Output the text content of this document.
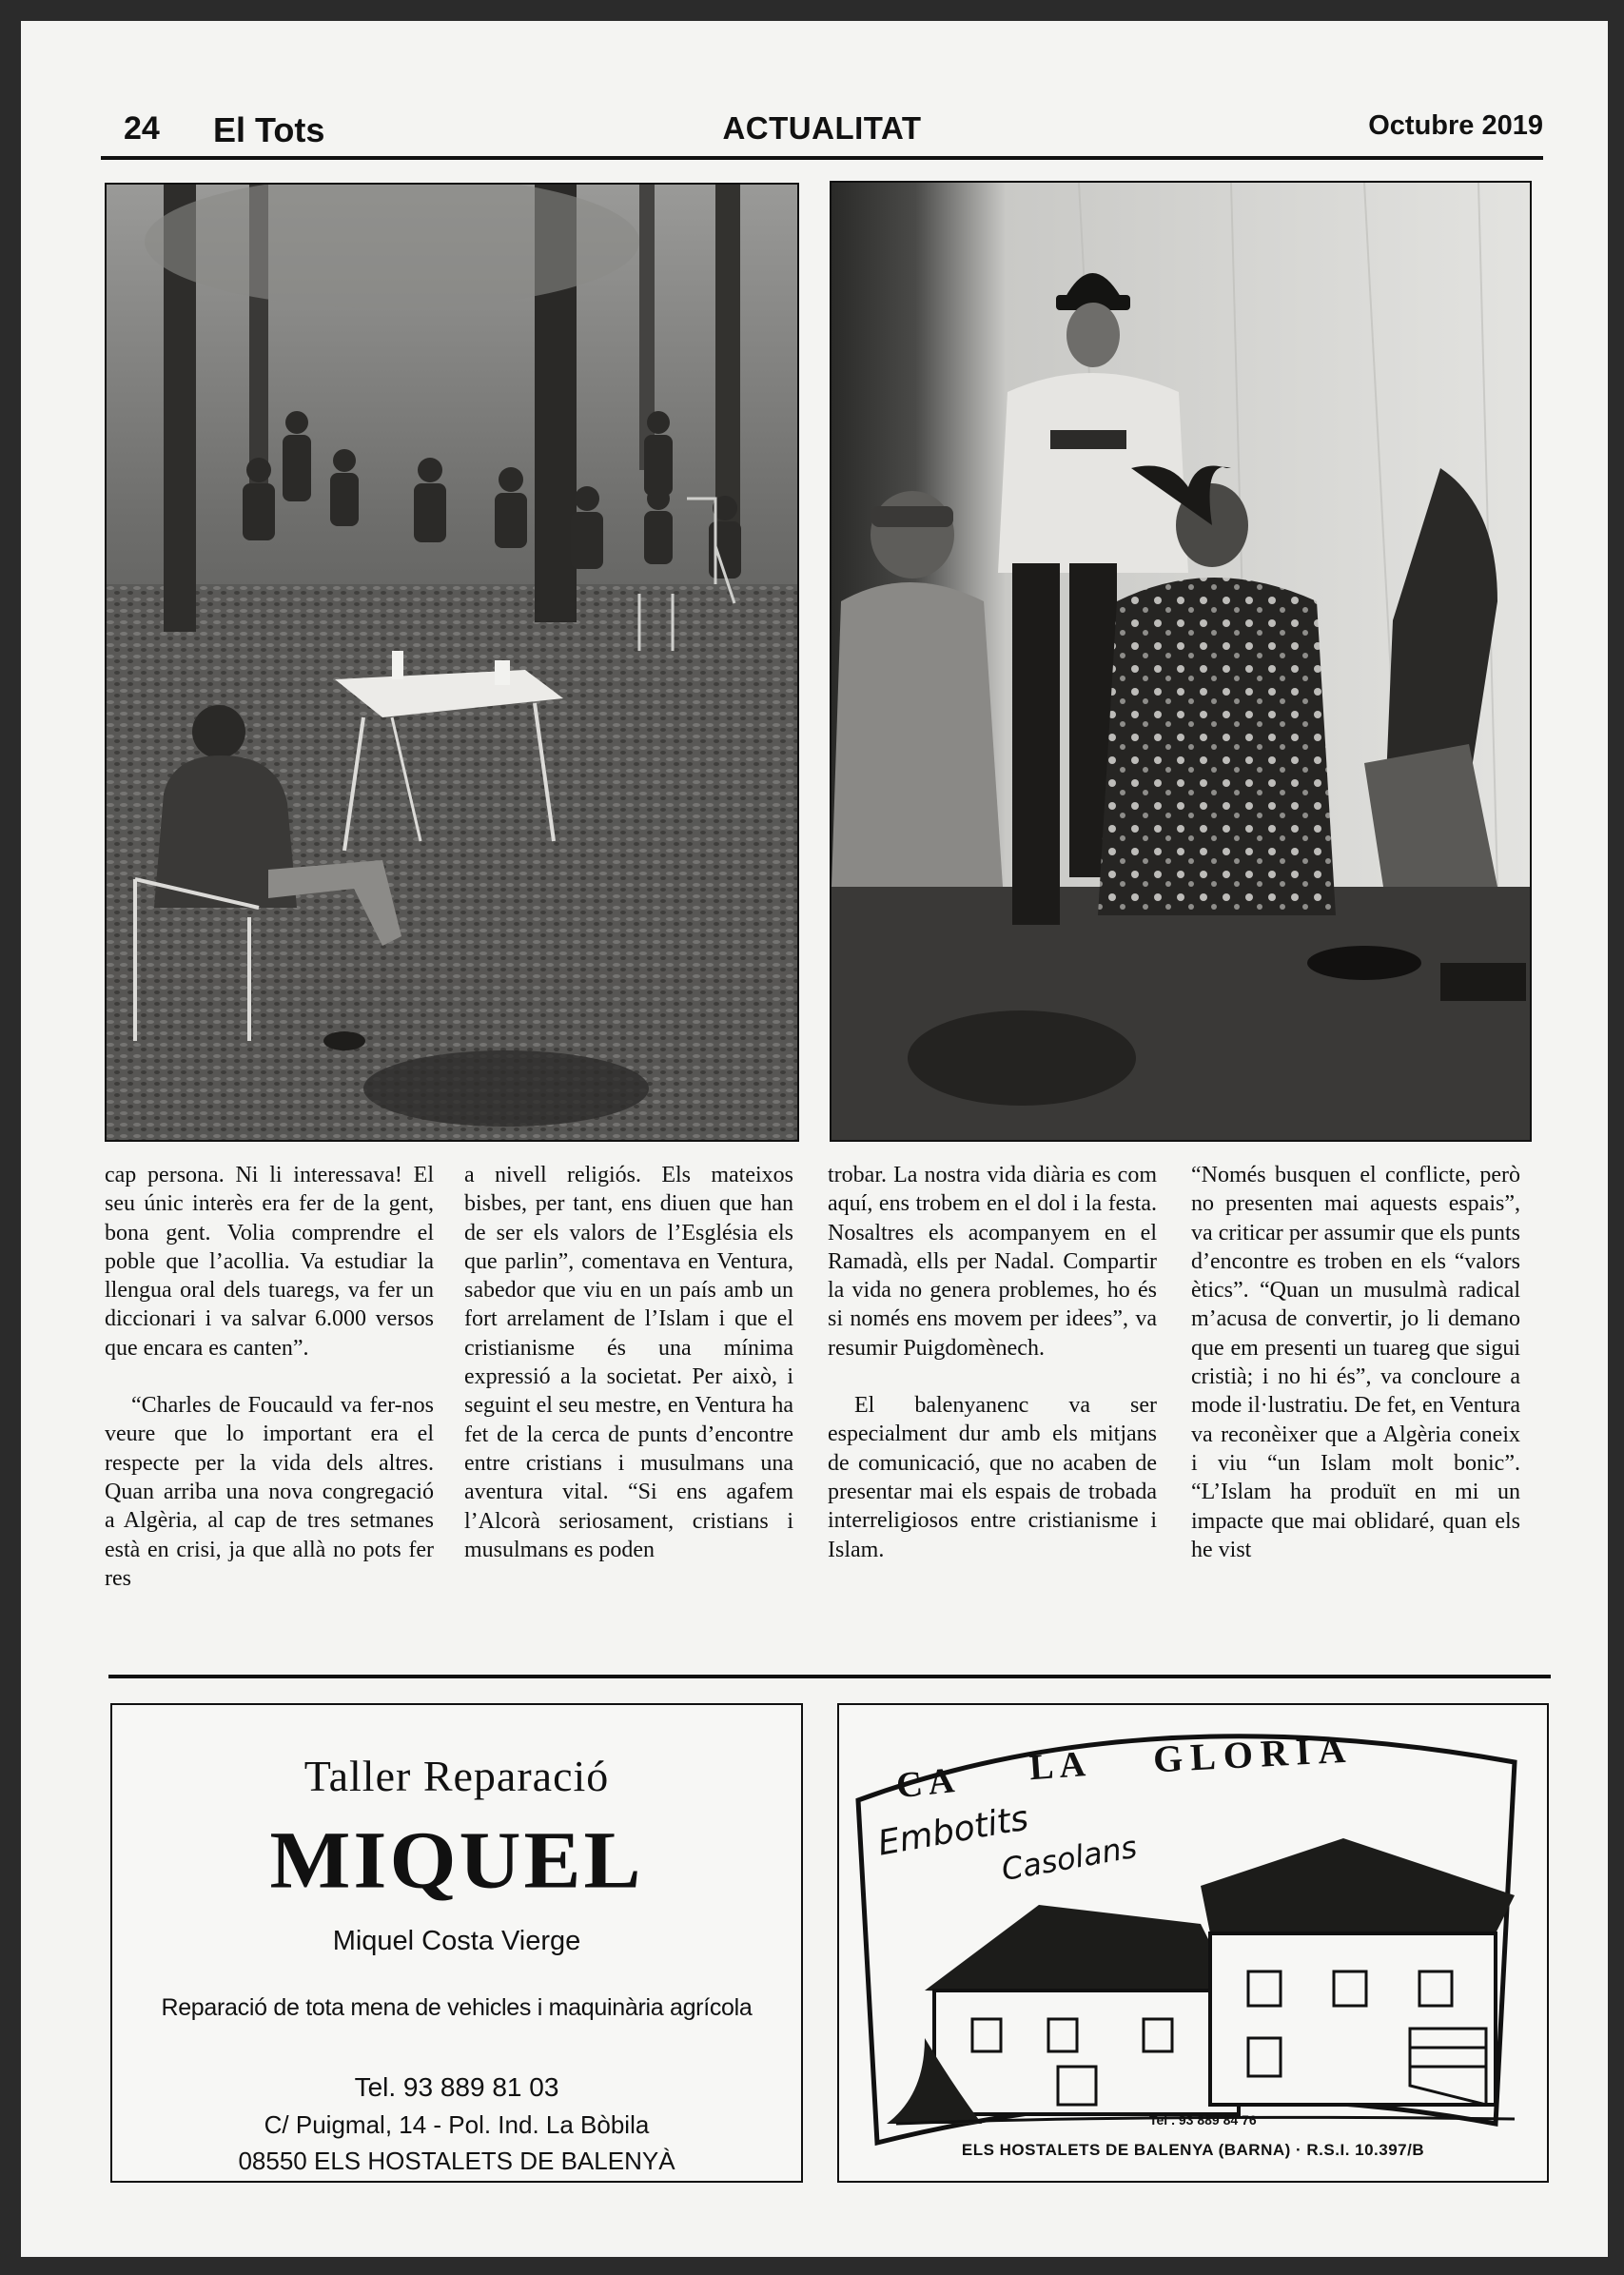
24 El Tots	ACTUALITAT	Octubre 2019

cap persona. Ni li interessava! El seu únic interès era fer de la gent, bona gent. Volia comprendre el poble que l’acollia. Va estudiar la llengua oral dels tuaregs, va fer un diccionari i va salvar 6.000 versos que encara es canten”.

“Charles de Foucauld va fer-nos veure que lo important era el respecte per la vida dels altres. Quan arriba una nova congregació a Algèria, al cap de tres setmanes està en crisi, ja que allà no pots fer res

a nivell religiós. Els mateixos bisbes, per tant, ens diuen que han de ser els valors de l’Església els que parlin”, comentava en Ventura, sabedor que viu en un país amb un fort arrelament de l’Islam i que el cristianisme és una mínima expressió a la societat. Per això, i seguint el seu mestre, en Ventura ha fet de la cerca de punts d’encontre entre cristians i musulmans una aventura vital. “Si ens agafem l’Alcorà seriosament, cristians i musulmans es poden

trobar. La nostra vida diària es com aquí, ens trobem en el dol i la festa. Nosaltres els acompanyem en el Ramadà, ells per Nadal. Compartir la vida no genera problemes, ho és si només ens movem per idees”, va resumir Puigdomènech.

El balenyanenc va ser especialment dur amb els mitjans de comunicació, que no acaben de presentar mai els espais de trobada interreligiosos entre cristianisme i Islam.

“Només busquen el conflicte, però no presenten mai aquests espais”, va criticar per assumir que els punts d’encontre es troben en els “valors ètics”. “Quan un musulmà radical m’acusa de convertir, jo li demano que em presenti un tuareg que sigui cristià; i no hi és”, va concloure a mode il·lustratiu. De fet, en Ventura va reconèixer que a Algèria coneix i viu “un Islam molt bonic”. “L’Islam ha produït en mi un impacte que mai oblidaré, quan els he vist

Taller Reparació
MIQUEL
Miquel Costa Vierge
Reparació de tota mena de vehicles i maquinària agrícola
Tel. 93 889 81 03
C/ Puigmal, 14 - Pol. Ind. La Bòbila
08550 ELS HOSTALETS DE BALENYÀ
CA LA GLORIA
Embotits
Casolans
Tel . 93 889 84 76
ELS HOSTALETS DE BALENYA (BARNA) · R.S.I. 10.397/B
